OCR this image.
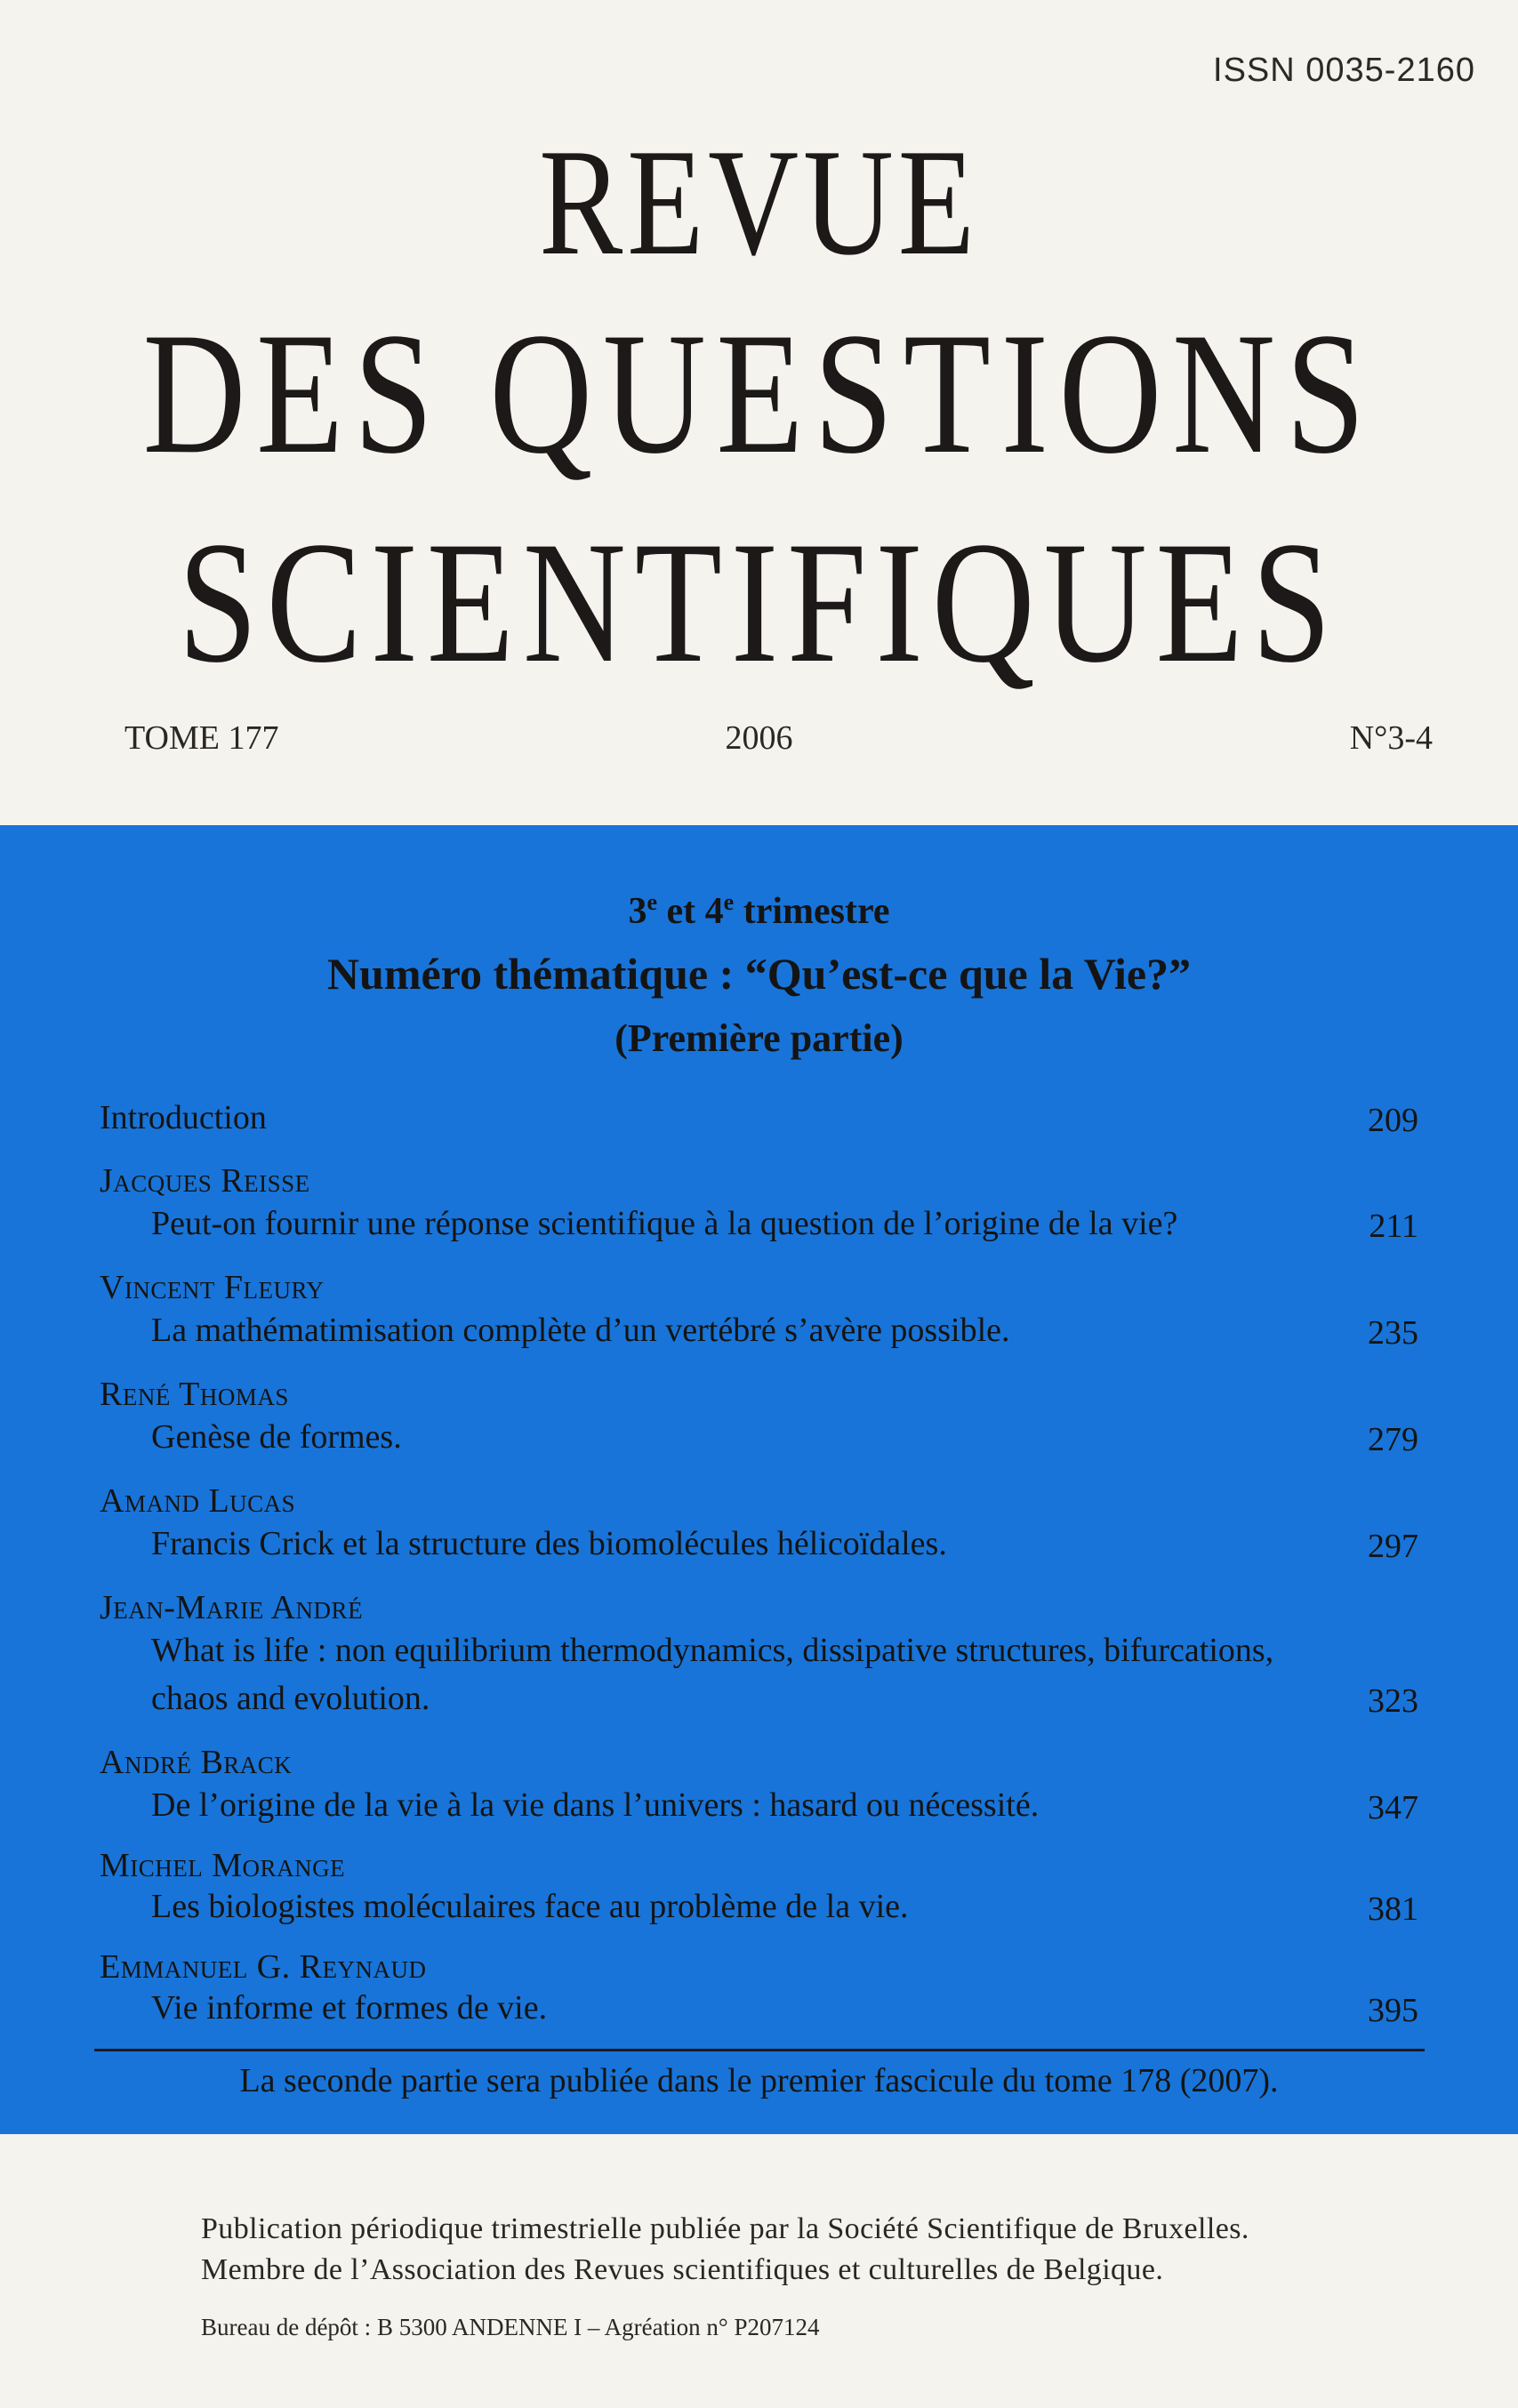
ISSN 0035-2160
REVUE
DES QUESTIONS
SCIENTIFIQUES
TOME 177	2006	N°3-4
3e et 4e trimestre
Numéro thématique : “Qu’est-ce que la Vie?”
(Première partie)
Introduction	209
Jacques Reisse
Peut-on fournir une réponse scientifique à la question de l’origine de la vie?	211
Vincent Fleury
La mathématimisation complète d’un vertébré s’avère possible.	235
René Thomas
Genèse de formes.	279
Amand Lucas
Francis Crick et la structure des biomolécules hélicoïdales.	297
Jean-Marie André
What is life : non equilibrium thermodynamics, dissipative structures, bifurcations,
chaos and evolution.	323
André Brack
De l’origine de la vie à la vie dans l’univers : hasard ou nécessité.	347
Michel Morange
Les biologistes moléculaires face au problème de la vie.	381
Emmanuel G. Reynaud
Vie informe et formes de vie.	395
La seconde partie sera publiée dans le premier fascicule du tome 178 (2007).
Publication périodique trimestrielle publiée par la Société Scientifique de Bruxelles.
Membre de l’Association des Revues scientifiques et culturelles de Belgique.
Bureau de dépôt : B 5300 ANDENNE I – Agréation n° P207124
